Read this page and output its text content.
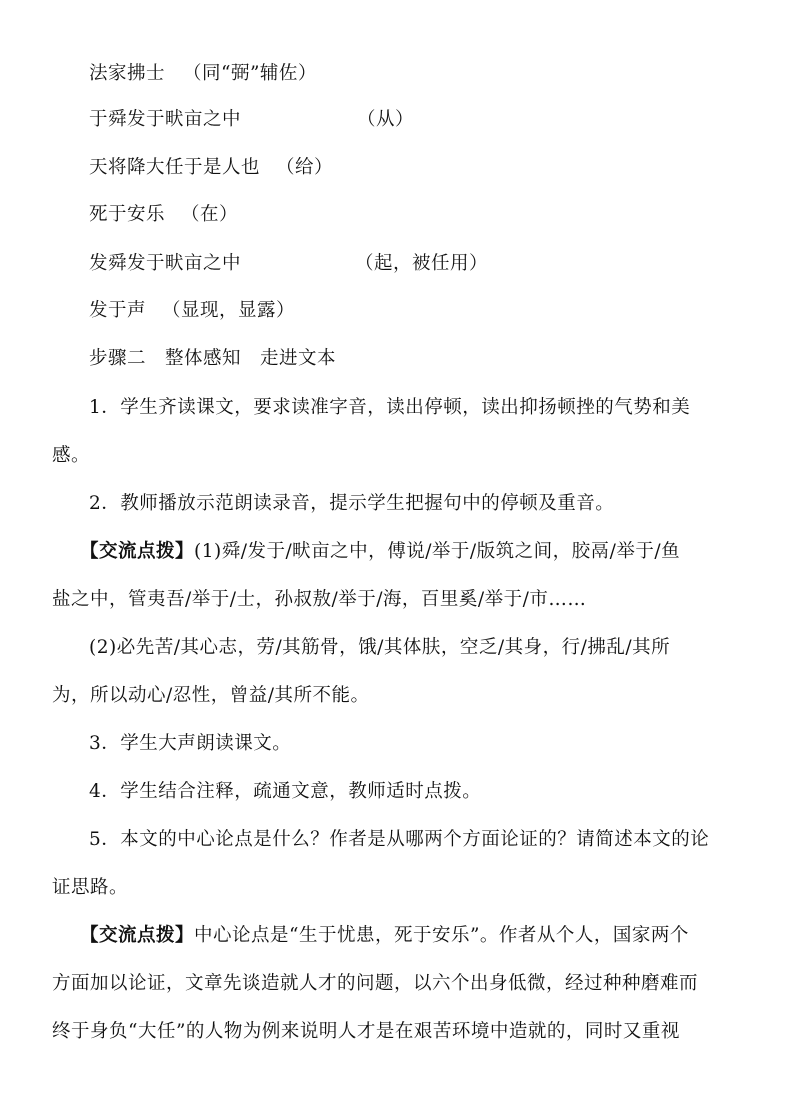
法家拂士 （同“弼”辅佐）
于舜发于畎亩之中	（从）
天将降大任于是人也 （给）
死于安乐 （在）
发舜发于畎亩之中	（起，被任用）
发于声 （显现，显露）
步骤二　整体感知　走进文本
1．学生齐读课文，要求读准字音，读出停顿，读出抑扬顿挫的气势和美
感。
2．教师播放示范朗读录音，提示学生把握句中的停顿及重音。
【交流点拨】(1)舜/发于/畎亩之中，傅说/举于/版筑之间，胶鬲/举于/鱼
盐之中，管夷吾/举于/士，孙叔敖/举于/海，百里奚/举于/市……
(2)必先苦/其心志，劳/其筋骨，饿/其体肤，空乏/其身，行/拂乱/其所
为，所以动心/忍性，曾益/其所不能。
3．学生大声朗读课文。
4．学生结合注释，疏通文意，教师适时点拨。
5．本文的中心论点是什么？作者是从哪两个方面论证的？请简述本文的论
证思路。
【交流点拨】中心论点是“生于忧患，死于安乐”。作者从个人，国家两个
方面加以论证，文章先谈造就人才的问题，以六个出身低微，经过种种磨难而
终于身负“大任”的人物为例来说明人才是在艰苦环境中造就的，同时又重视
